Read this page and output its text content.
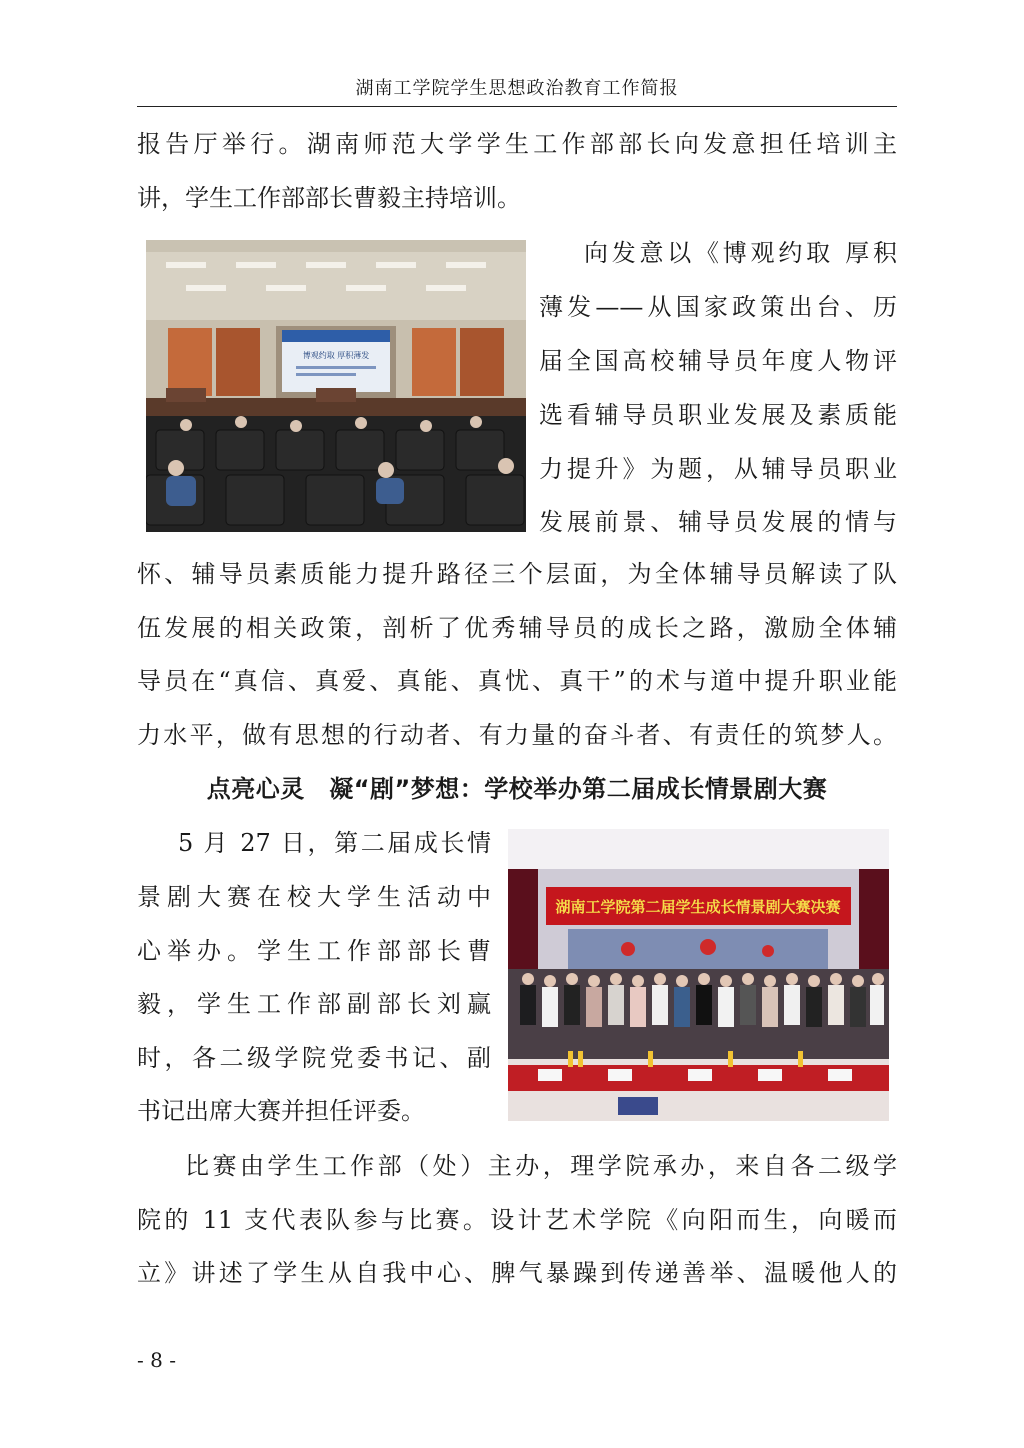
湖南工学院学生思想政治教育工作简报
报告厅举行。湖南师范大学学生工作部部长向发意担任培训主
讲，学生工作部部长曹毅主持培训。
博观约取 厚积薄发
向发意以《博观约取 厚积
薄发——从国家政策出台、历
届全国高校辅导员年度人物评
选看辅导员职业发展及素质能
力提升》为题，从辅导员职业
发展前景、辅导员发展的情与
怀、辅导员素质能力提升路径三个层面，为全体辅导员解读了队
伍发展的相关政策，剖析了优秀辅导员的成长之路，激励全体辅
导员在“真信、真爱、真能、真忧、真干”的术与道中提升职业能
力水平，做有思想的行动者、有力量的奋斗者、有责任的筑梦人。
点亮心灵　凝“剧”梦想：学校举办第二届成长情景剧大赛
5 月 27 日，第二届成长情
景剧大赛在校大学生活动中
心举办。学生工作部部长曹
毅，学生工作部副部长刘赢
时，各二级学院党委书记、副
书记出席大赛并担任评委。
湖南工学院第二届学生成长情景剧大赛决赛
比赛由学生工作部（处）主办，理学院承办，来自各二级学
院的 11 支代表队参与比赛。设计艺术学院《向阳而生，向暖而
立》讲述了学生从自我中心、脾气暴躁到传递善举、温暖他人的
- 8 -
